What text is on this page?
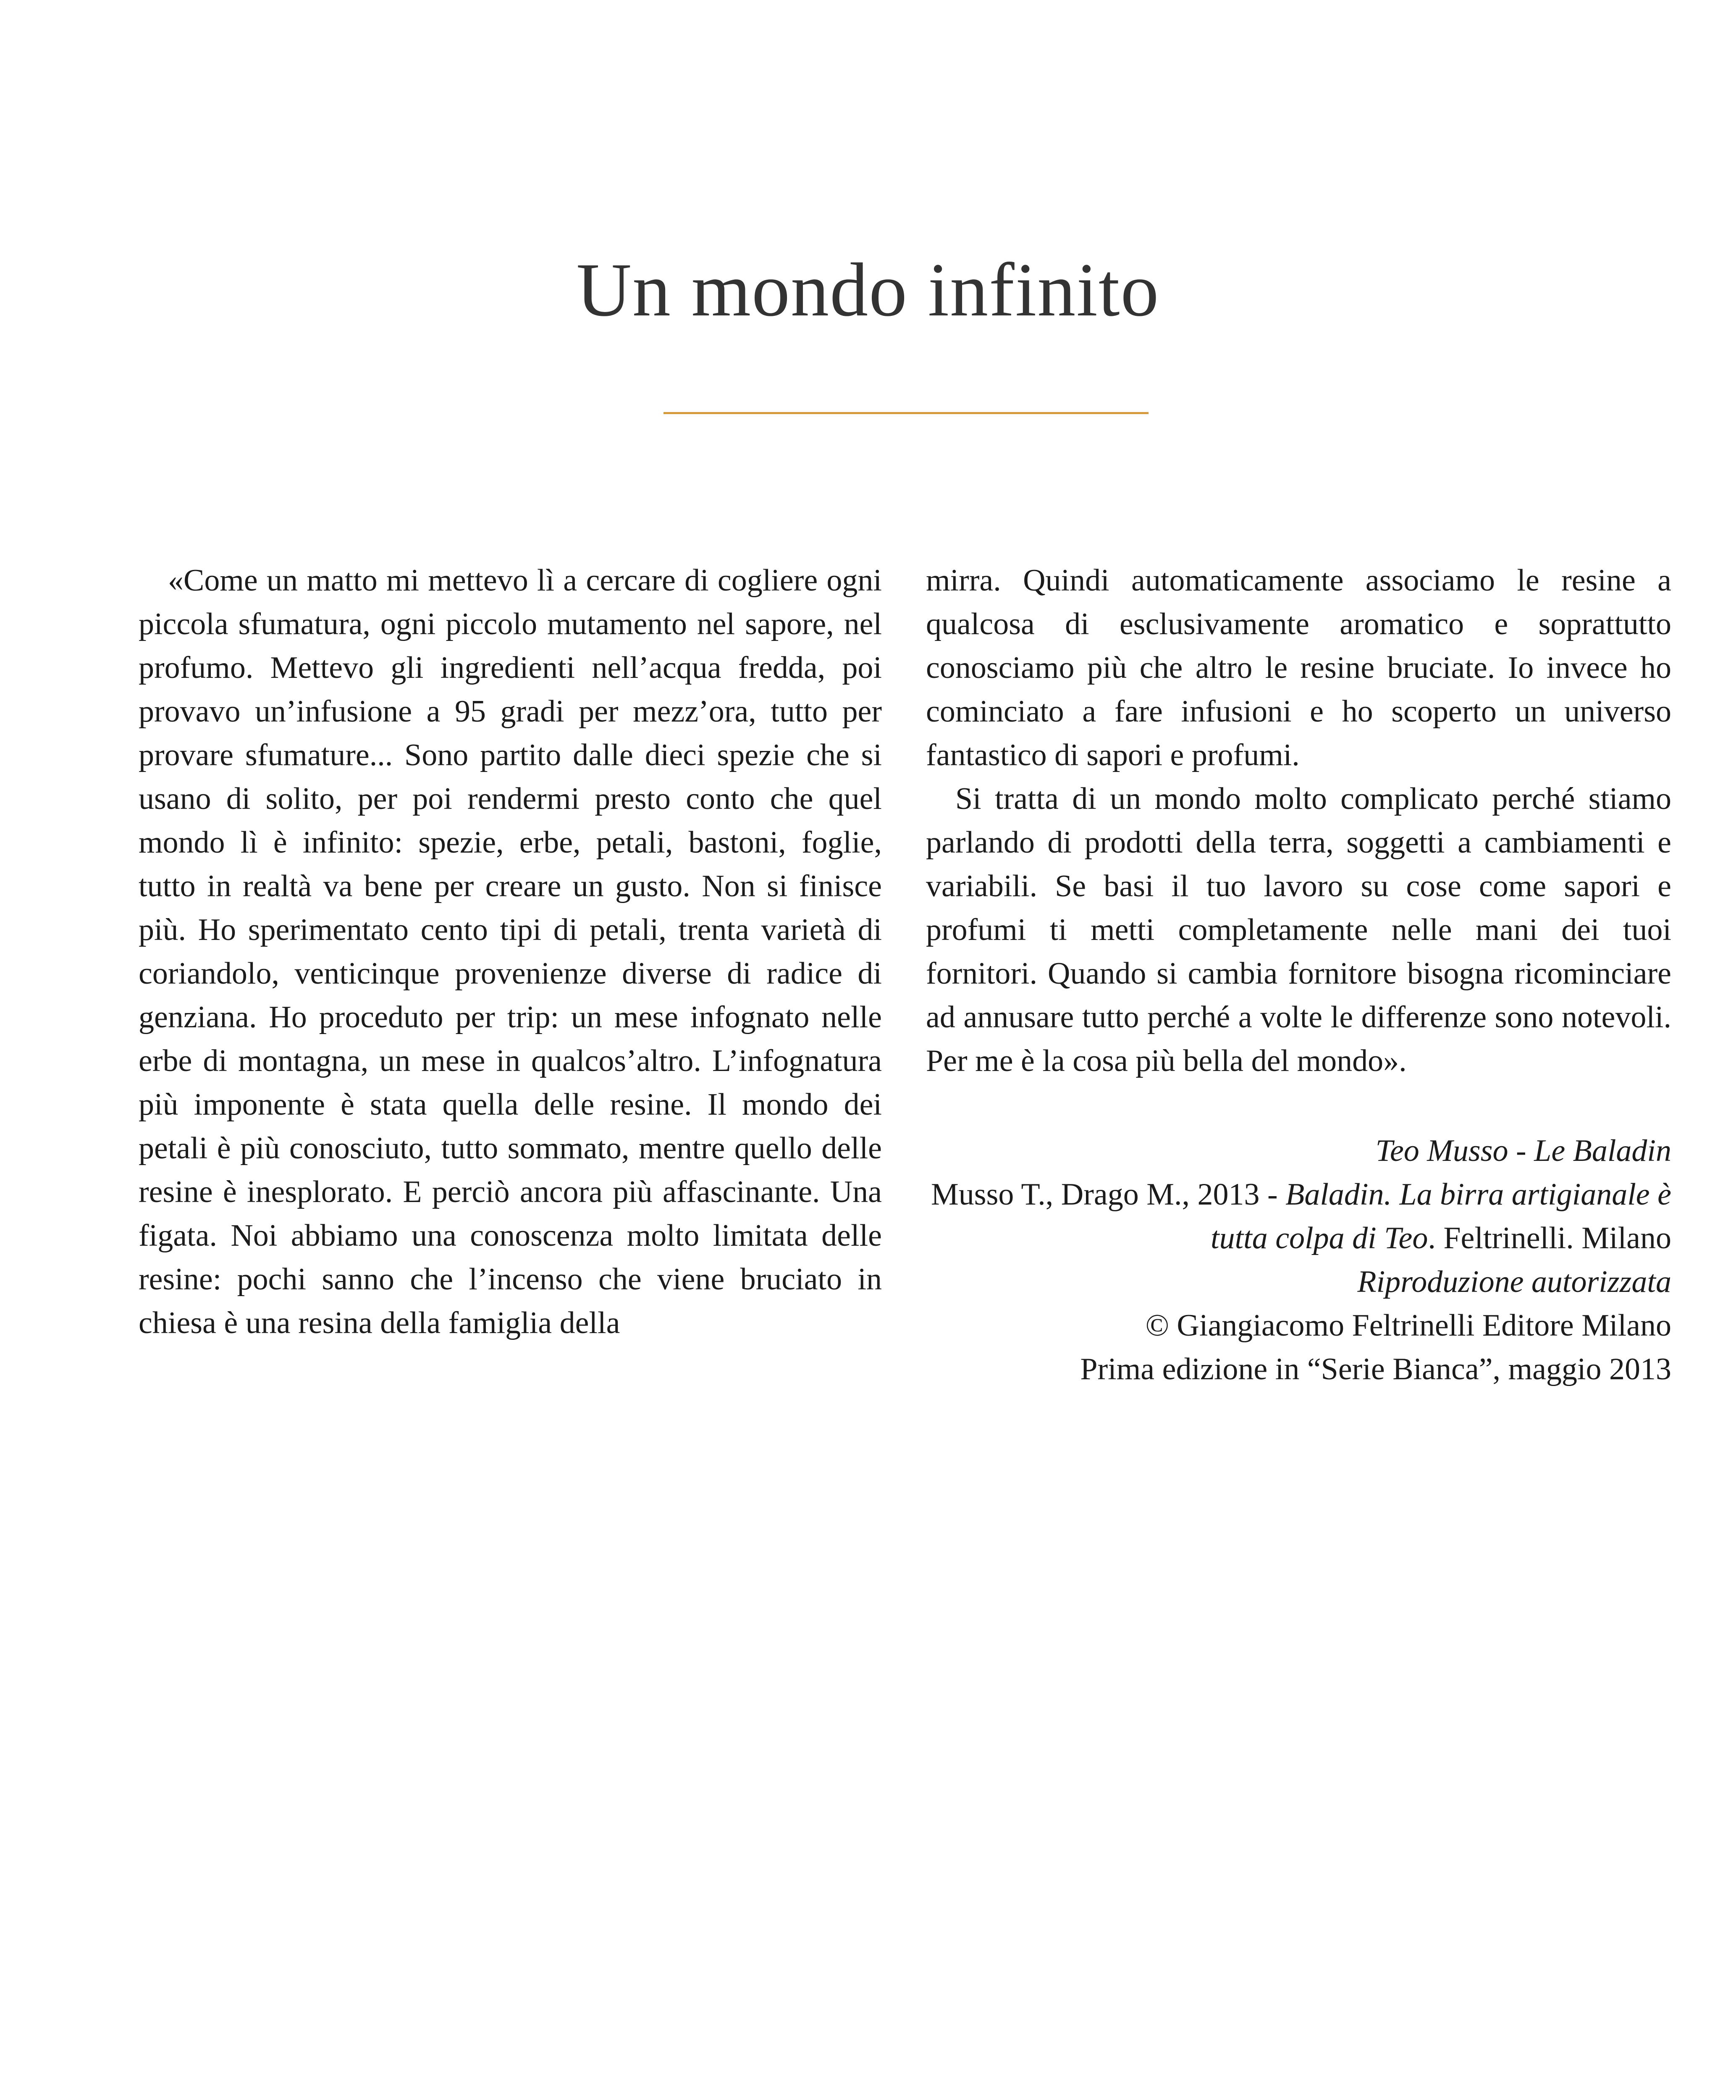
Un mondo infinito

«Come un matto mi mettevo lì a cercare di cogliere ogni piccola sfumatura, ogni piccolo mutamento nel sapore, nel profumo. Mettevo gli ingredienti nell’acqua fredda, poi provavo un’infusione a 95 gradi per mezz’ora, tutto per provare sfumature... Sono partito dalle dieci spezie che si usano di solito, per poi rendermi presto conto che quel mondo lì è infinito: spezie, erbe, petali, bastoni, foglie, tutto in realtà va bene per creare un gusto. Non si finisce più. Ho sperimentato cento tipi di petali, trenta varietà di coriandolo, venticinque provenienze diverse di radice di genziana. Ho proceduto per trip: un mese infognato nelle erbe di montagna, un mese in qualcos’altro. L’infognatura più imponente è stata quella delle resine. Il mondo dei petali è più conosciuto, tutto sommato, mentre quello delle resine è inesplorato. E perciò ancora più affascinante. Una figata. Noi abbiamo una conoscenza molto limitata delle resine: pochi sanno che l’incenso che viene bruciato in chiesa è una resina della famiglia della

mirra. Quindi automaticamente associamo le resine a qualcosa di esclusivamente aromatico e soprattutto conosciamo più che altro le resine bruciate. Io invece ho cominciato a fare infusioni e ho scoperto un universo fantastico di sapori e profumi.

Si tratta di un mondo molto complicato perché stiamo parlando di prodotti della terra, soggetti a cambiamenti e variabili. Se basi il tuo lavoro su cose come sapori e profumi ti metti completamente nelle mani dei tuoi fornitori. Quando si cambia fornitore bisogna ricominciare ad annusare tutto perché a volte le differenze sono notevoli. Per me è la cosa più bella del mondo».

Teo Musso - Le Baladin
Musso T., Drago M., 2013 - Baladin. La birra artigianale è tutta colpa di Teo. Feltrinelli. Milano
Riproduzione autorizzata
© Giangiacomo Feltrinelli Editore Milano
Prima edizione in “Serie Bianca”, maggio 2013
